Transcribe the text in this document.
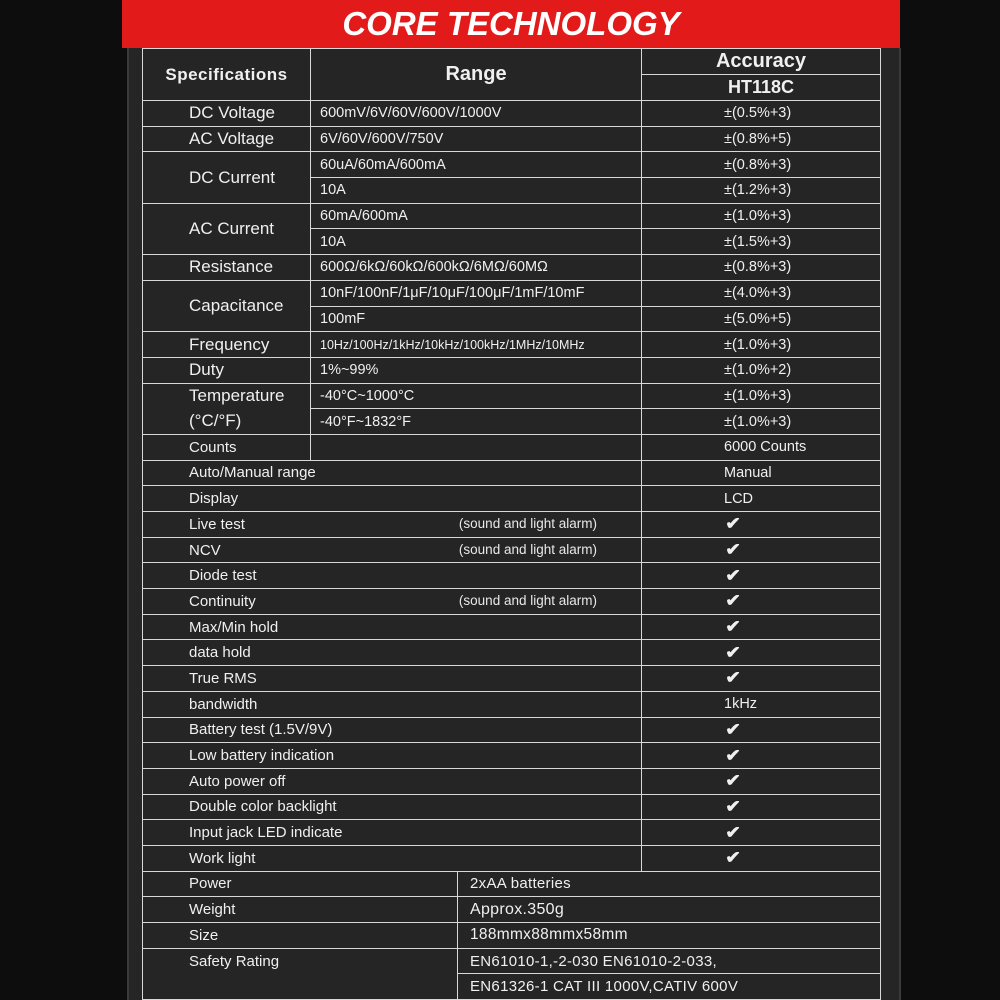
CORE TECHNOLOGY
Specifications	Range		Accuracy
			HT118C
DC Voltage	600mV/6V/60V/600V/1000V		±(0.5%+3)
AC Voltage	6V/60V/600V/750V		±(0.8%+5)
DC Current	60uA/60mA/600mA		±(0.8%+3)
	10A		±(1.2%+3)
AC Current	60mA/600mA		±(1.0%+3)
	10A		±(1.5%+3)
Resistance	600Ω/6kΩ/60kΩ/600kΩ/6MΩ/60MΩ		±(0.8%+3)
Capacitance	10nF/100nF/1μF/10μF/100μF/1mF/10mF		±(4.0%+3)
	100mF		±(5.0%+5)
Frequency	10Hz/100Hz/1kHz/10kHz/100kHz/1MHz/10MHz		±(1.0%+3)
Duty	1%~99%		±(1.0%+2)
Temperature	-40°C~1000°C		±(1.0%+3)
(°C/°F)	-40°F~1832°F		±(1.0%+3)
Counts			6000 Counts
Auto/Manual range			Manual
Display			LCD
Live test (sound and light alarm)			✔
NCV (sound and light alarm)			✔
Diode test			✔
Continuity (sound and light alarm)			✔
Max/Min hold			✔
data hold			✔
True RMS			✔
bandwidth			1kHz
Battery test (1.5V/9V)			✔
Low battery indication			✔
Auto power off			✔
Double color backlight			✔
Input jack LED indicate			✔
Work light			✔
Power		2xAA batteries	
Weight		Approx.350g	
Size		188mmx88mmx58mm	
Safety Rating		EN61010-1,-2-030 EN61010-2-033,	
		EN61326-1 CAT III 1000V,CATIV 600V	
